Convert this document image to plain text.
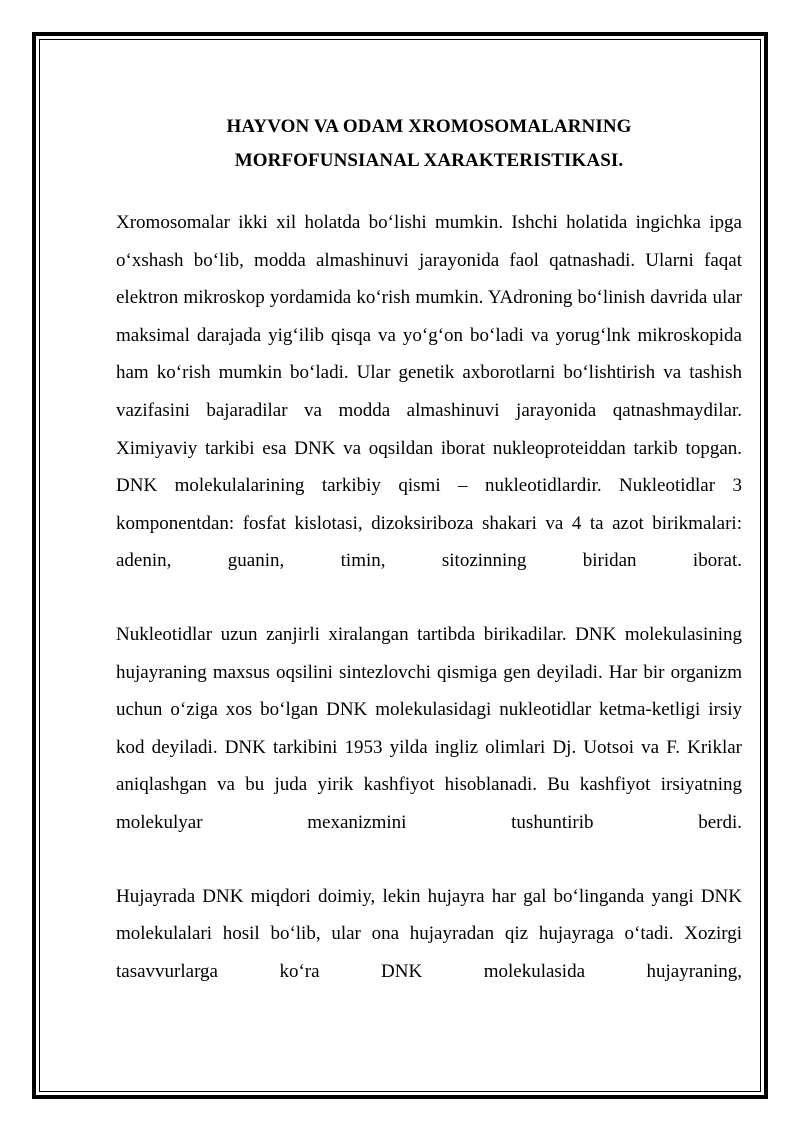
HAYVON VA ODAM XROMOSOMALARNING
MORFOFUNSIANAL XARAKTERISTIKASI.

Xromosomalar ikki xil holatda bo‘lishi mumkin. Ishchi holatida ingichka ipga o‘xshash bo‘lib, modda almashinuvi jarayonida faol qatnashadi. Ularni faqat elektron mikroskop yordamida ko‘rish mumkin. YAdroning bo‘linish davrida ular maksimal darajada yig‘ilib qisqa va yo‘g‘on bo‘ladi va yorug‘lnk mikroskopida ham ko‘rish mumkin bo‘ladi. Ular genetik axborotlarni bo‘lishtirish va tashish vazifasini bajaradilar va modda almashinuvi jarayonida qatnashmaydilar. Ximiyaviy tarkibi esa DNK va oqsildan iborat nukleoproteiddan tarkib topgan. DNK molekulalarining tarkibiy qismi – nukleotidlardir. Nukleotidlar 3 komponentdan: fosfat kislotasi, dizoksiriboza shakari va 4 ta azot birikmalari: adenin, guanin, timin, sitozinning biridan iborat.

Nukleotidlar uzun zanjirli xiralangan tartibda birikadilar. DNK molekulasining hujayraning maxsus oqsilini sintezlovchi qismiga gen deyiladi. Har bir organizm uchun o‘ziga xos bo‘lgan DNK molekulasidagi nukleotidlar ketma-ketligi irsiy kod deyiladi. DNK tarkibini 1953 yilda ingliz olimlari Dj. Uotsoi va F. Kriklar aniqlashgan va bu juda yirik kashfiyot hisoblanadi. Bu kashfiyot irsiyatning molekulyar mexanizmini tushuntirib berdi.

Hujayrada DNK miqdori doimiy, lekin hujayra har gal bo‘linganda yangi DNK molekulalari hosil bo‘lib, ular ona hujayradan qiz hujayraga o‘tadi. Xozirgi tasavvurlarga ko‘ra DNK molekulasida hujayraning,
